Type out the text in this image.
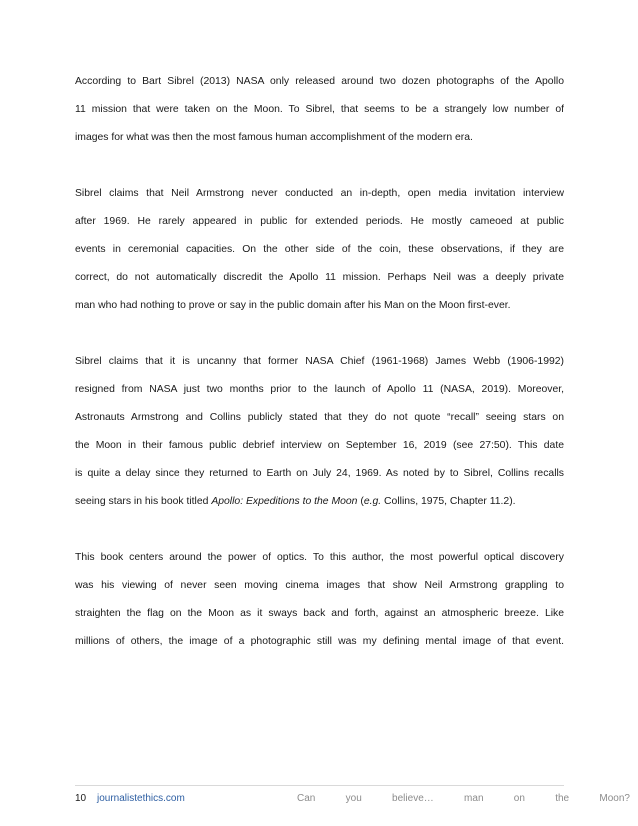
According to Bart Sibrel (2013) NASA only released around two dozen photographs of the Apollo
11 mission that were taken on the Moon. To Sibrel, that seems to be a strangely low number of
images for what was then the most famous human accomplishment of the modern era.
Sibrel claims that Neil Armstrong never conducted an in-depth, open media invitation interview
after 1969. He rarely appeared in public for extended periods. He mostly cameoed at public
events in ceremonial capacities. On the other side of the coin, these observations, if they are
correct, do not automatically discredit the Apollo 11 mission. Perhaps Neil was a deeply private
man who had nothing to prove or say in the public domain after his Man on the Moon first-ever.
Sibrel claims that it is uncanny that former NASA Chief (1961-1968) James Webb (1906-1992)
resigned from NASA just two months prior to the launch of Apollo 11 (NASA, 2019). Moreover,
Astronauts Armstrong and Collins publicly stated that they do not quote “recall” seeing stars on
the Moon in their famous public debrief interview on September 16, 2019 (see 27:50). This date
is quite a delay since they returned to Earth on July 24, 1969. As noted by to Sibrel, Collins recalls
seeing stars in his book titled Apollo: Expeditions to the Moon (e.g. Collins, 1975, Chapter 11.2).
This book centers around the power of optics. To this author, the most powerful optical discovery
was his viewing of never seen moving cinema images that show Neil Armstrong grappling to
straighten the flag on the Moon as it sways back and forth, against an atmospheric breeze. Like
millions of others, the image of a photographic still was my defining mental image of that event.
10 journalistethics.com	Can you believe… man on the Moon?
